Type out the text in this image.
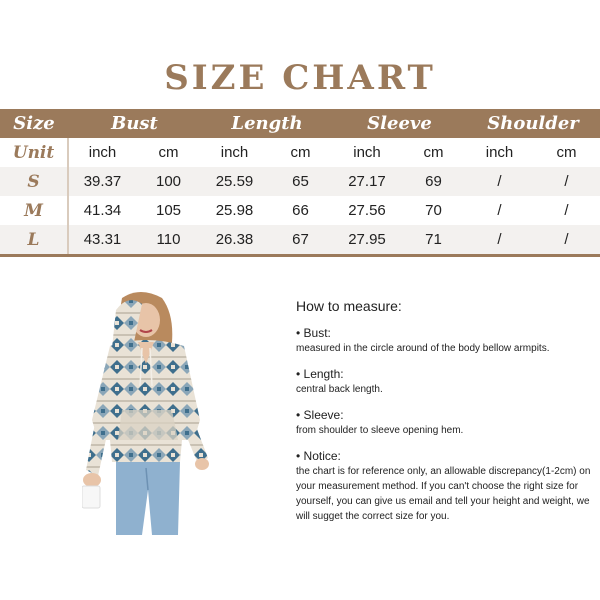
SIZE CHART
Size	Bust		Length		Sleeve		Shoulder	
Unit	inch	cm	inch	cm	inch	cm	inch	cm
S	39.37	100	25.59	65	27.17	69	/	/
M	41.34	105	25.98	66	27.56	70	/	/
L	43.31	110	26.38	67	27.95	71	/	/
How to measure:
• Bust:
measured in the circle around of the body bellow armpits.
• Length:
central back length.
• Sleeve:
from shoulder to sleeve opening hem.
• Notice:
the chart is for reference only, an allowable discrepancy(1-2cm) on your measurement method. If you can't choose the right size for yourself, you can give us email and tell your height and weight, we will sugget the correct size for you.
